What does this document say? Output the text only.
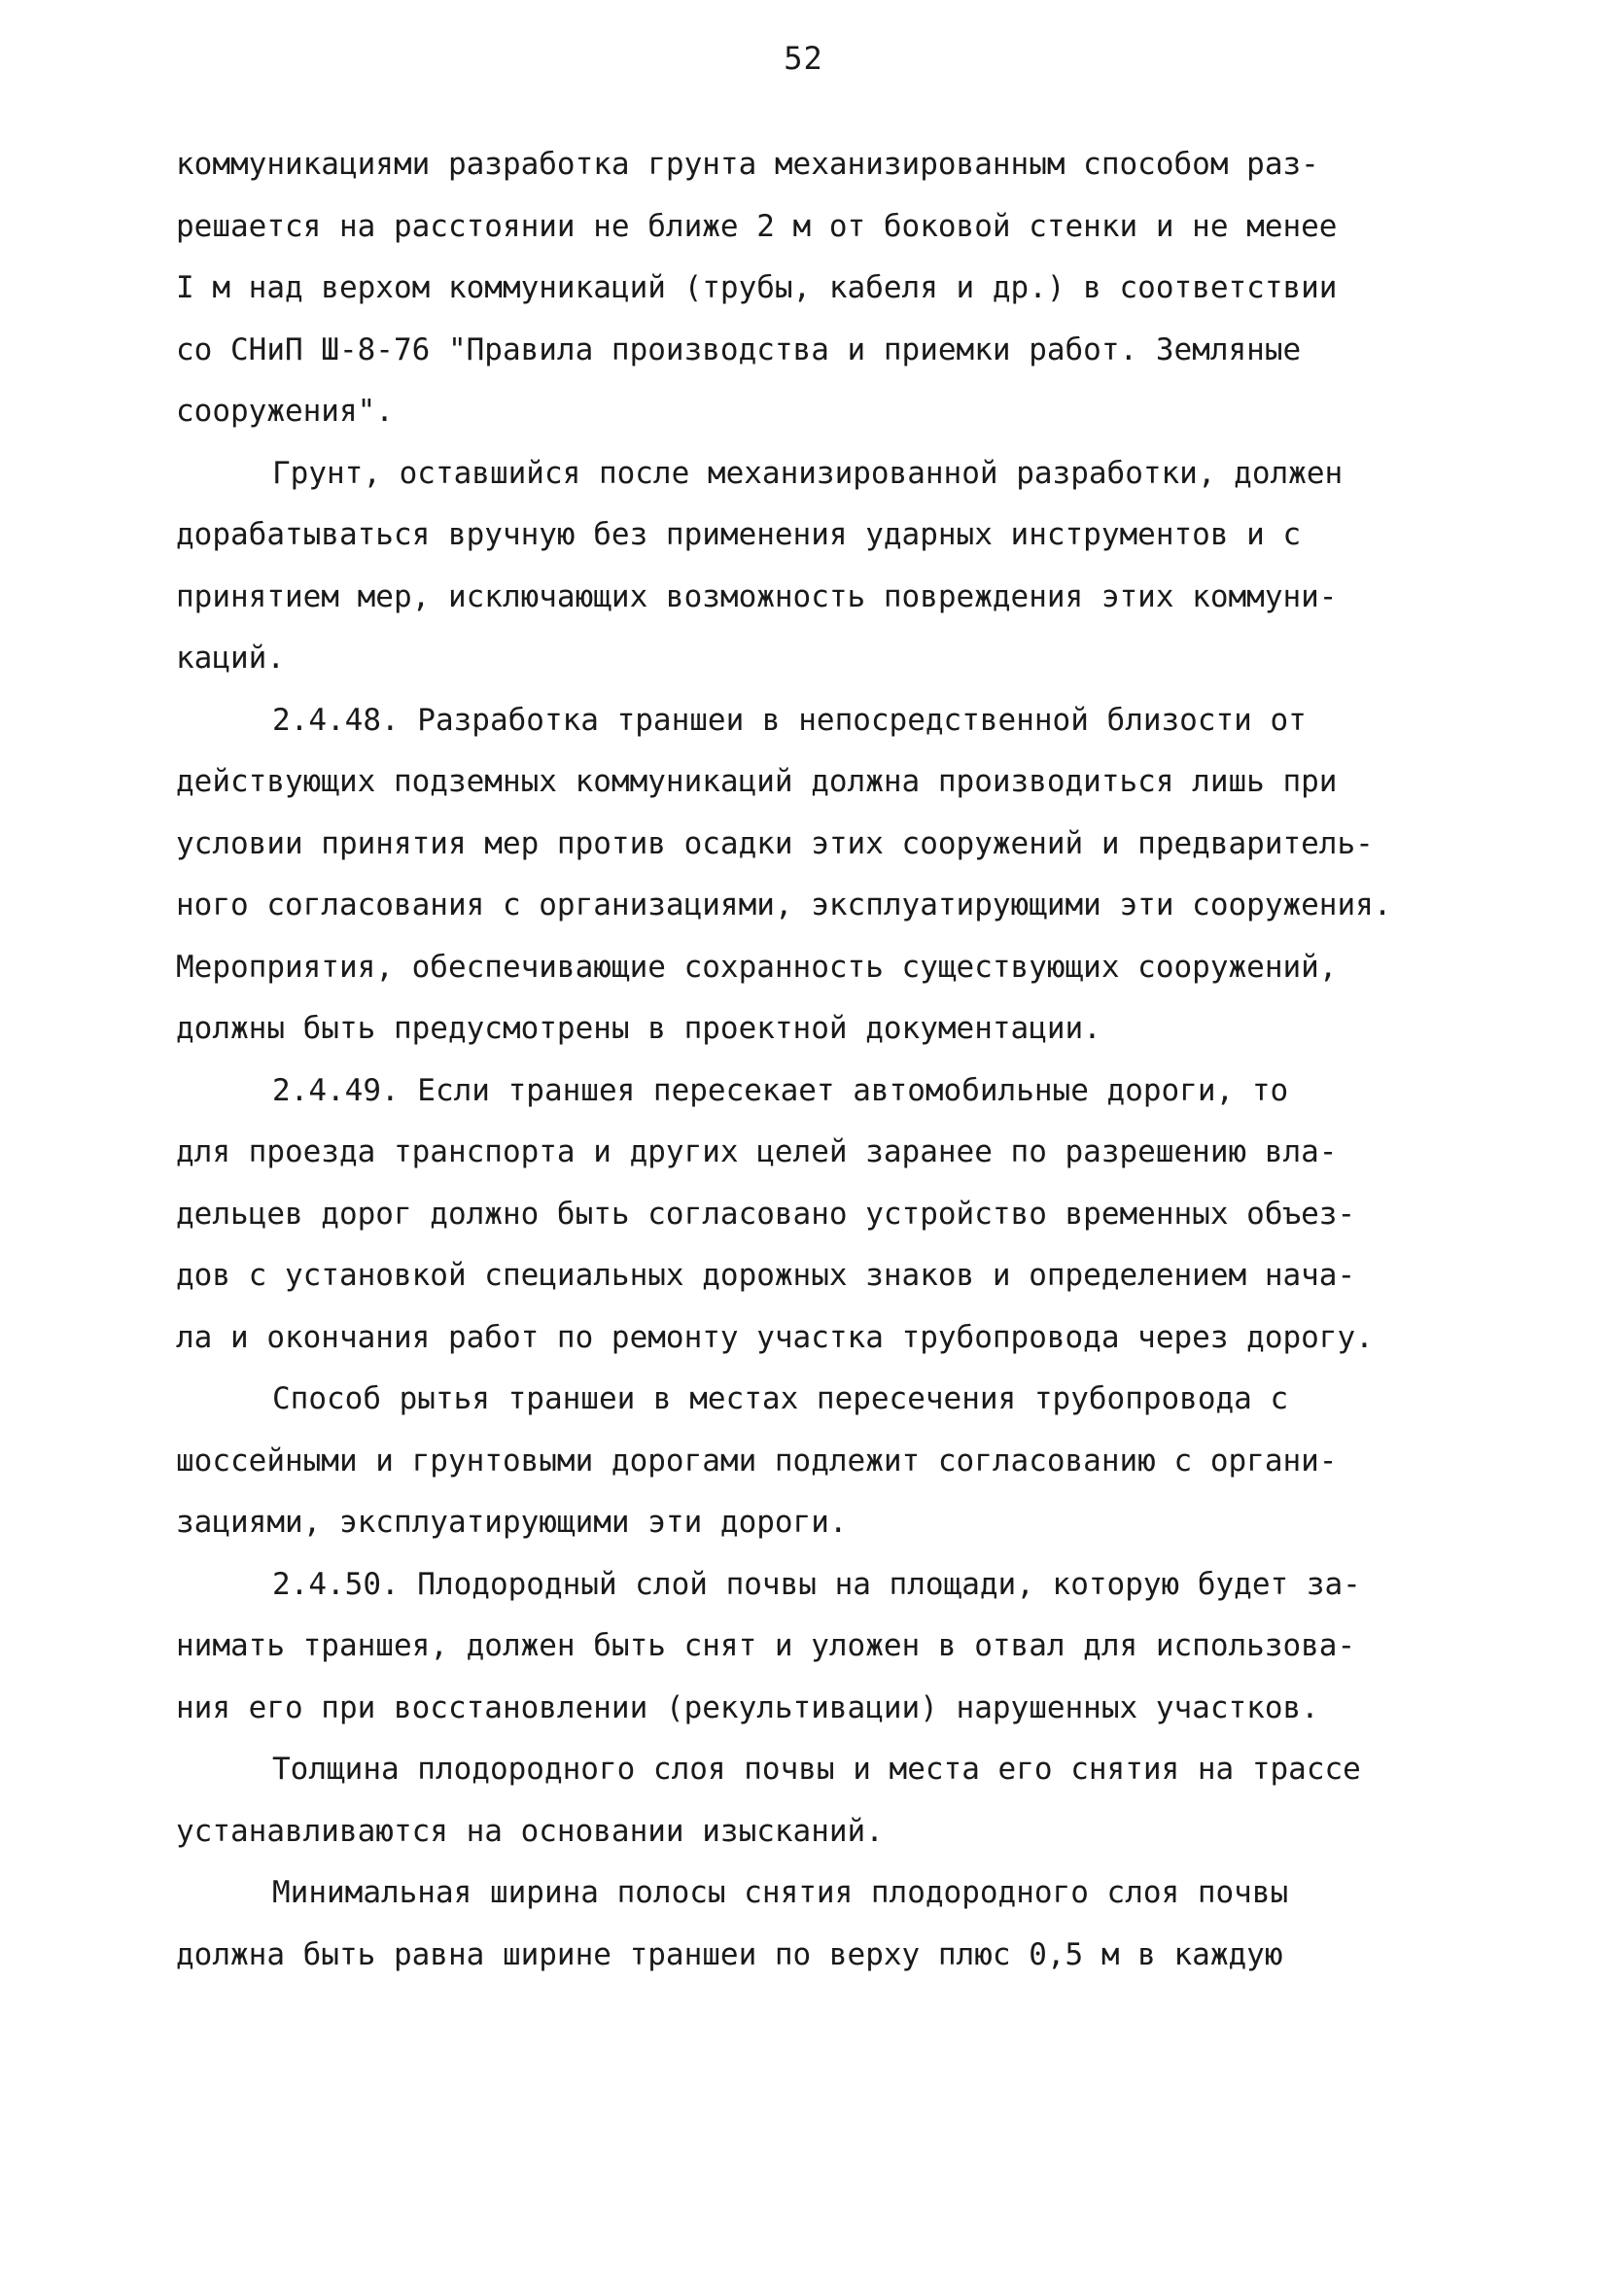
52
коммуникациями разработка грунта механизированным способом раз-
решается на расстоянии не ближе 2 м от боковой стенки и не менее
I м над верхом коммуникаций (трубы, кабеля и др.) в соответствии
со СНиП Ш-8-76 "Правила производства и приемки работ. Земляные
сооружения".
Грунт, оставшийся после механизированной разработки, должен
дорабатываться вручную без применения ударных инструментов и с
принятием мер, исключающих возможность повреждения этих коммуни-
каций.
2.4.48. Разработка траншеи в непосредственной близости от
действующих подземных коммуникаций должна производиться лишь при
условии принятия мер против осадки этих сооружений и предваритель-
ного согласования с организациями, эксплуатирующими эти сооружения.
Мероприятия, обеспечивающие сохранность существующих сооружений,
должны быть предусмотрены в проектной документации.
2.4.49. Если траншея пересекает автомобильные дороги, то
для проезда транспорта и других целей заранее по разрешению вла-
дельцев дорог должно быть согласовано устройство временных объез-
дов с установкой специальных дорожных знаков и определением нача-
ла и окончания работ по ремонту участка трубопровода через дорогу.
Способ рытья траншеи в местах пересечения трубопровода с
шоссейными и грунтовыми дорогами подлежит согласованию с органи-
зациями, эксплуатирующими эти дороги.
2.4.50. Плодородный слой почвы на площади, которую будет за-
нимать траншея, должен быть снят и уложен в отвал для использова-
ния его при восстановлении (рекультивации) нарушенных участков.
Толщина плодородного слоя почвы и места его снятия на трассе
устанавливаются на основании изысканий.
Минимальная ширина полосы снятия плодородного слоя почвы
должна быть равна ширине траншеи по верху плюс 0,5 м в каждую
